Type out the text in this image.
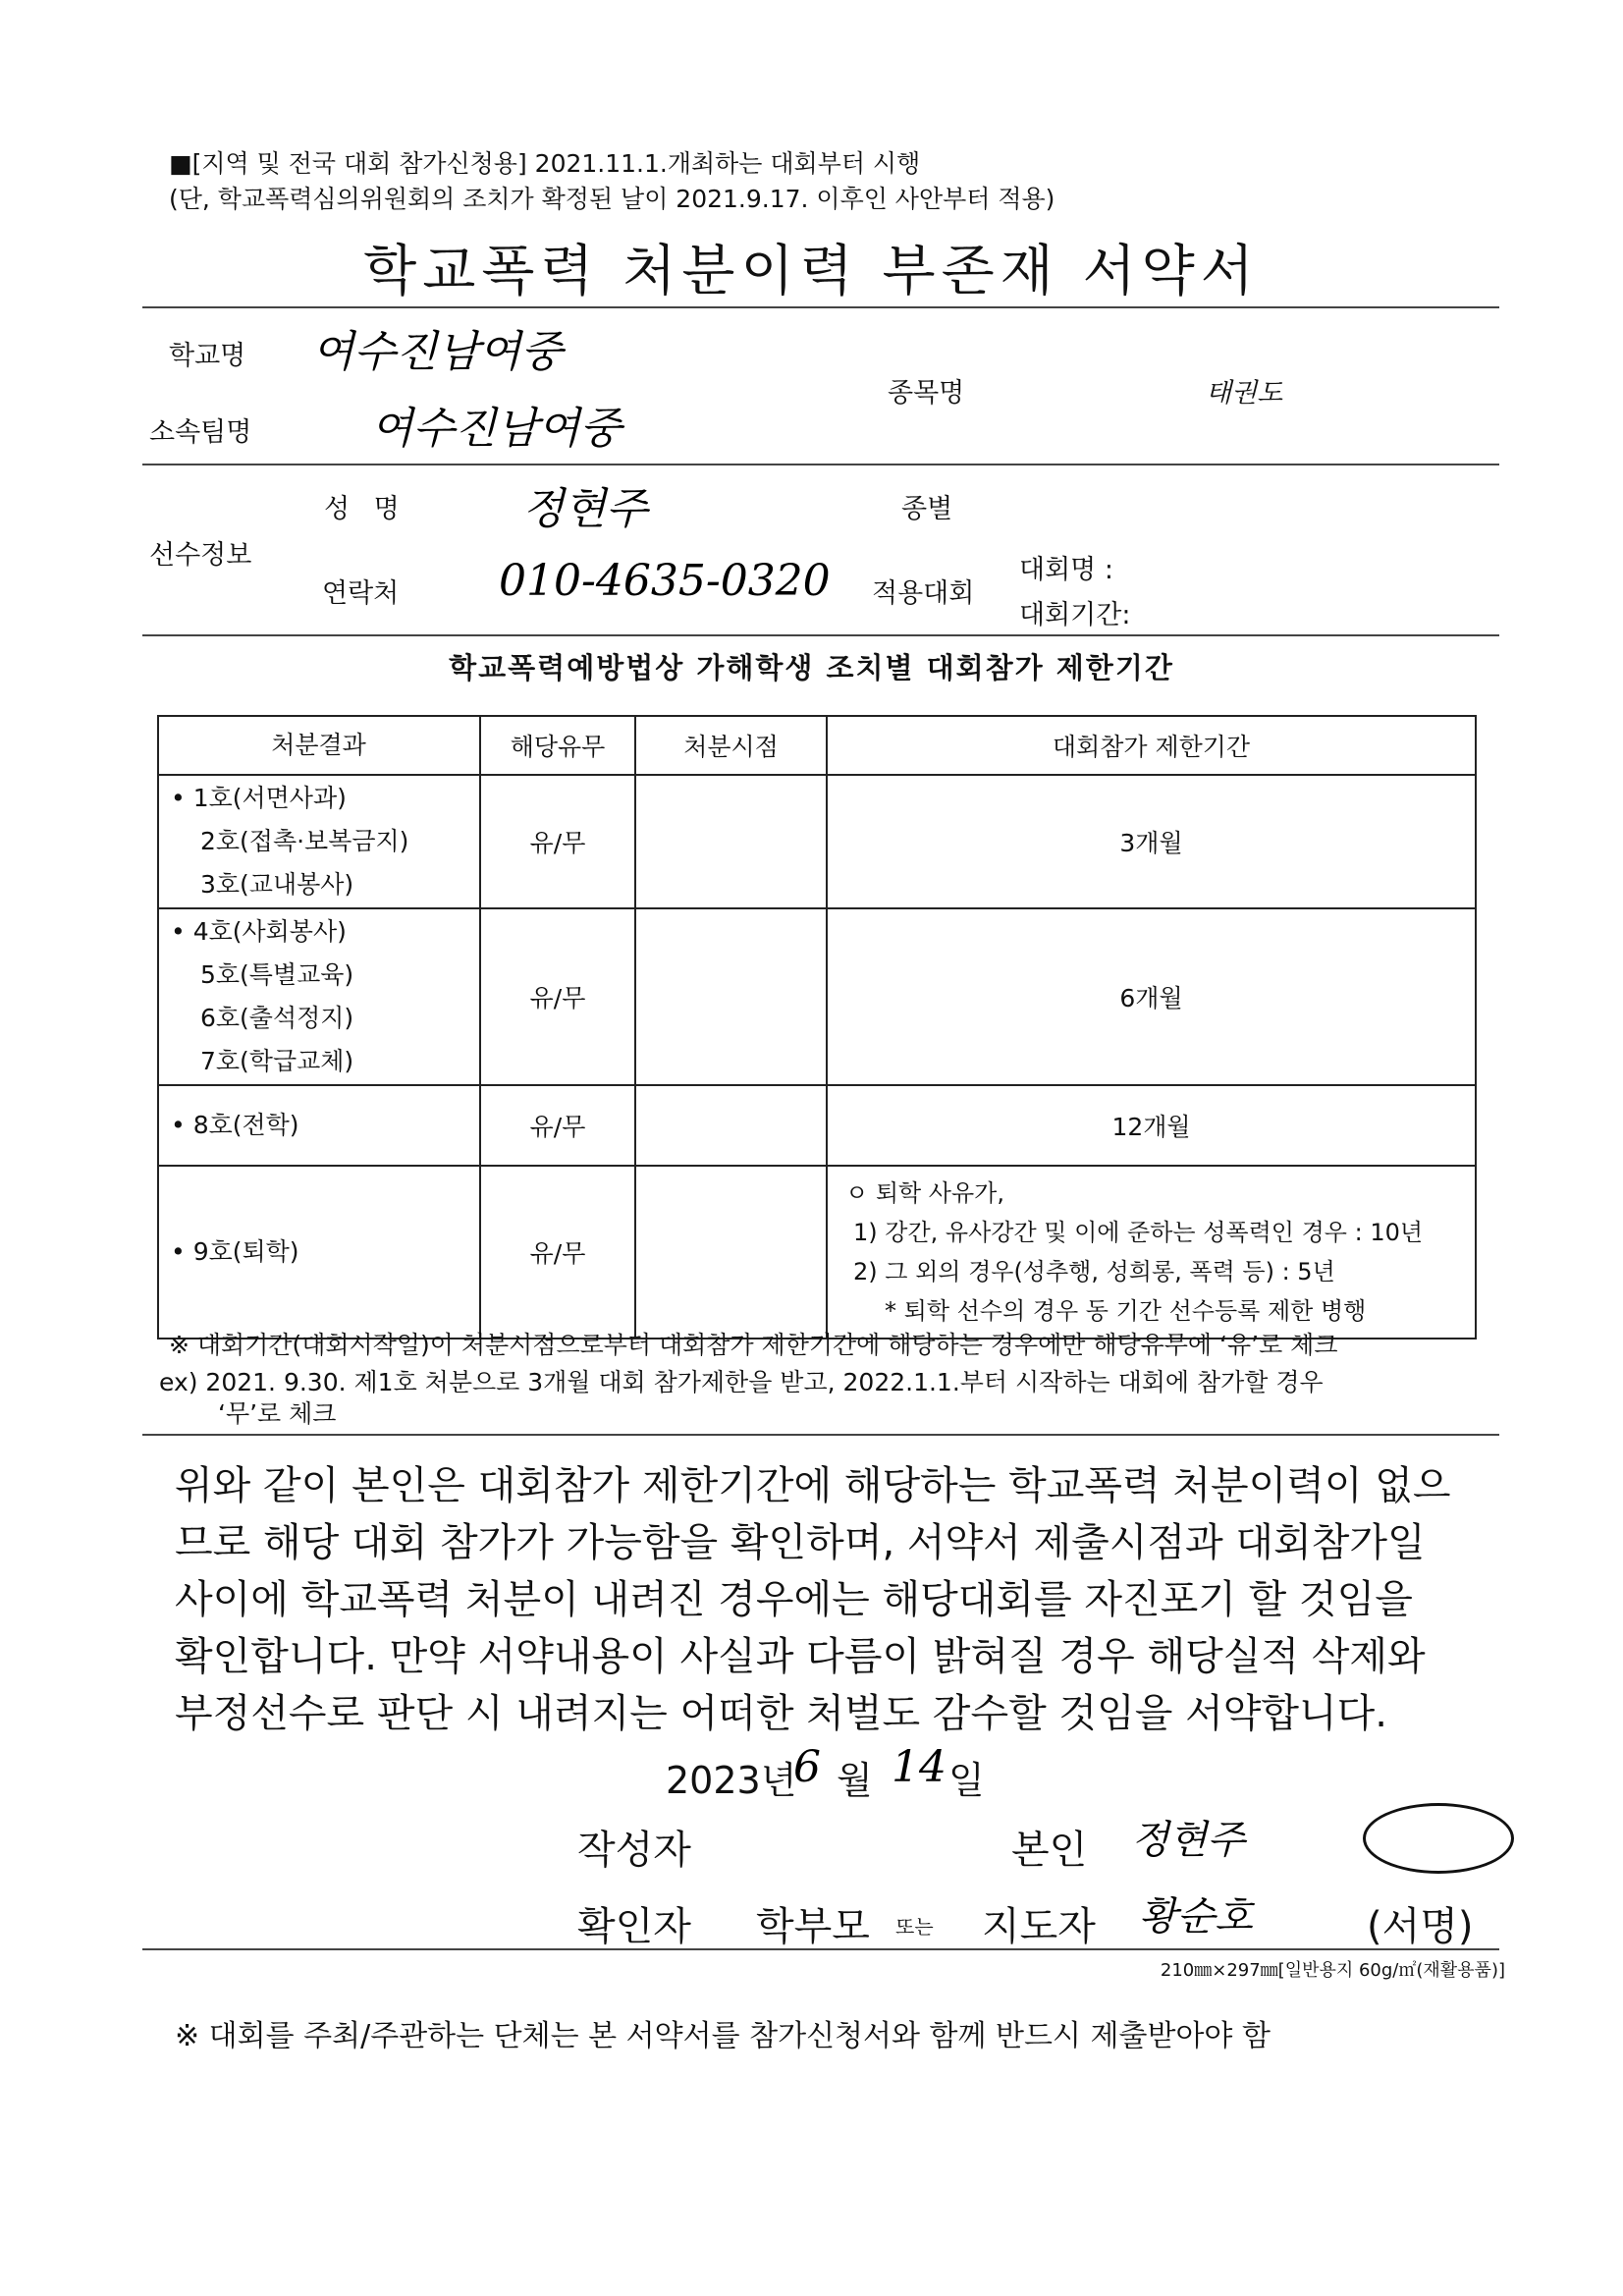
■[지역 및 전국 대회 참가신청용] 2021.11.1.개최하는 대회부터 시행
(단, 학교폭력심의위원회의 조치가 확정된 날이 2021.9.17. 이후인 사안부터 적용)
학교폭력 처분이력 부존재 서약서
학교명 여수진남여중
소속팀명	여수진남여중
종목명	태권도
선수정보
성 명	정현주	종별
연락처 010-4635-0320 적용대회
대회명 :
대회기간:
학교폭력예방법상 가해학생 조치별 대회참가 제한기간
처분결과	해당유무	처분시점	대회참가 제한기간

• 1호(서면사과)
2호(접촉·보복금지)
3호(교내봉사)	유/무		3개월

• 4호(사회봉사)
5호(특별교육)
6호(출석정지)
7호(학급교체)	유/무		6개월

• 8호(전학)	유/무		12개월

• 9호(퇴학)	유/무		ㅇ 퇴학 사유가,
1) 강간, 유사강간 및 이에 준하는 성폭력인 경우 : 10년
2) 그 외의 경우(성추행, 성희롱, 폭력 등) : 5년
* 퇴학 선수의 경우 동 기간 선수등록 제한 병행
※ 대회기간(대회시작일)이 처분시점으로부터 대회참가 제한기간에 해당하는 경우에만 해당유무에 ‘유’로 체크
ex) 2021. 9.30. 제1호 처분으로 3개월 대회 참가제한을 받고, 2022.1.1.부터 시작하는 대회에 참가할 경우
‘무’로 체크
위와 같이 본인은 대회참가 제한기간에 해당하는 학교폭력 처분이력이 없으
므로 해당 대회 참가가 가능함을 확인하며, 서약서 제출시점과 대회참가일
사이에 학교폭력 처분이 내려진 경우에는 해당대회를 자진포기 할 것임을
확인합니다. 만약 서약내용이 사실과 다름이 밝혀질 경우 해당실적 삭제와
부정선수로 판단 시 내려지는 어떠한 처벌도 감수할 것임을 서약합니다.
2023년
6 월 14 일
작성자	본인 정현주
확인자 학부모 또는 지도자 황순호	(서명)
210㎜×297㎜[일반용지 60g/㎡(재활용품)]
※ 대회를 주최/주관하는 단체는 본 서약서를 참가신청서와 함께 반드시 제출받아야 함
